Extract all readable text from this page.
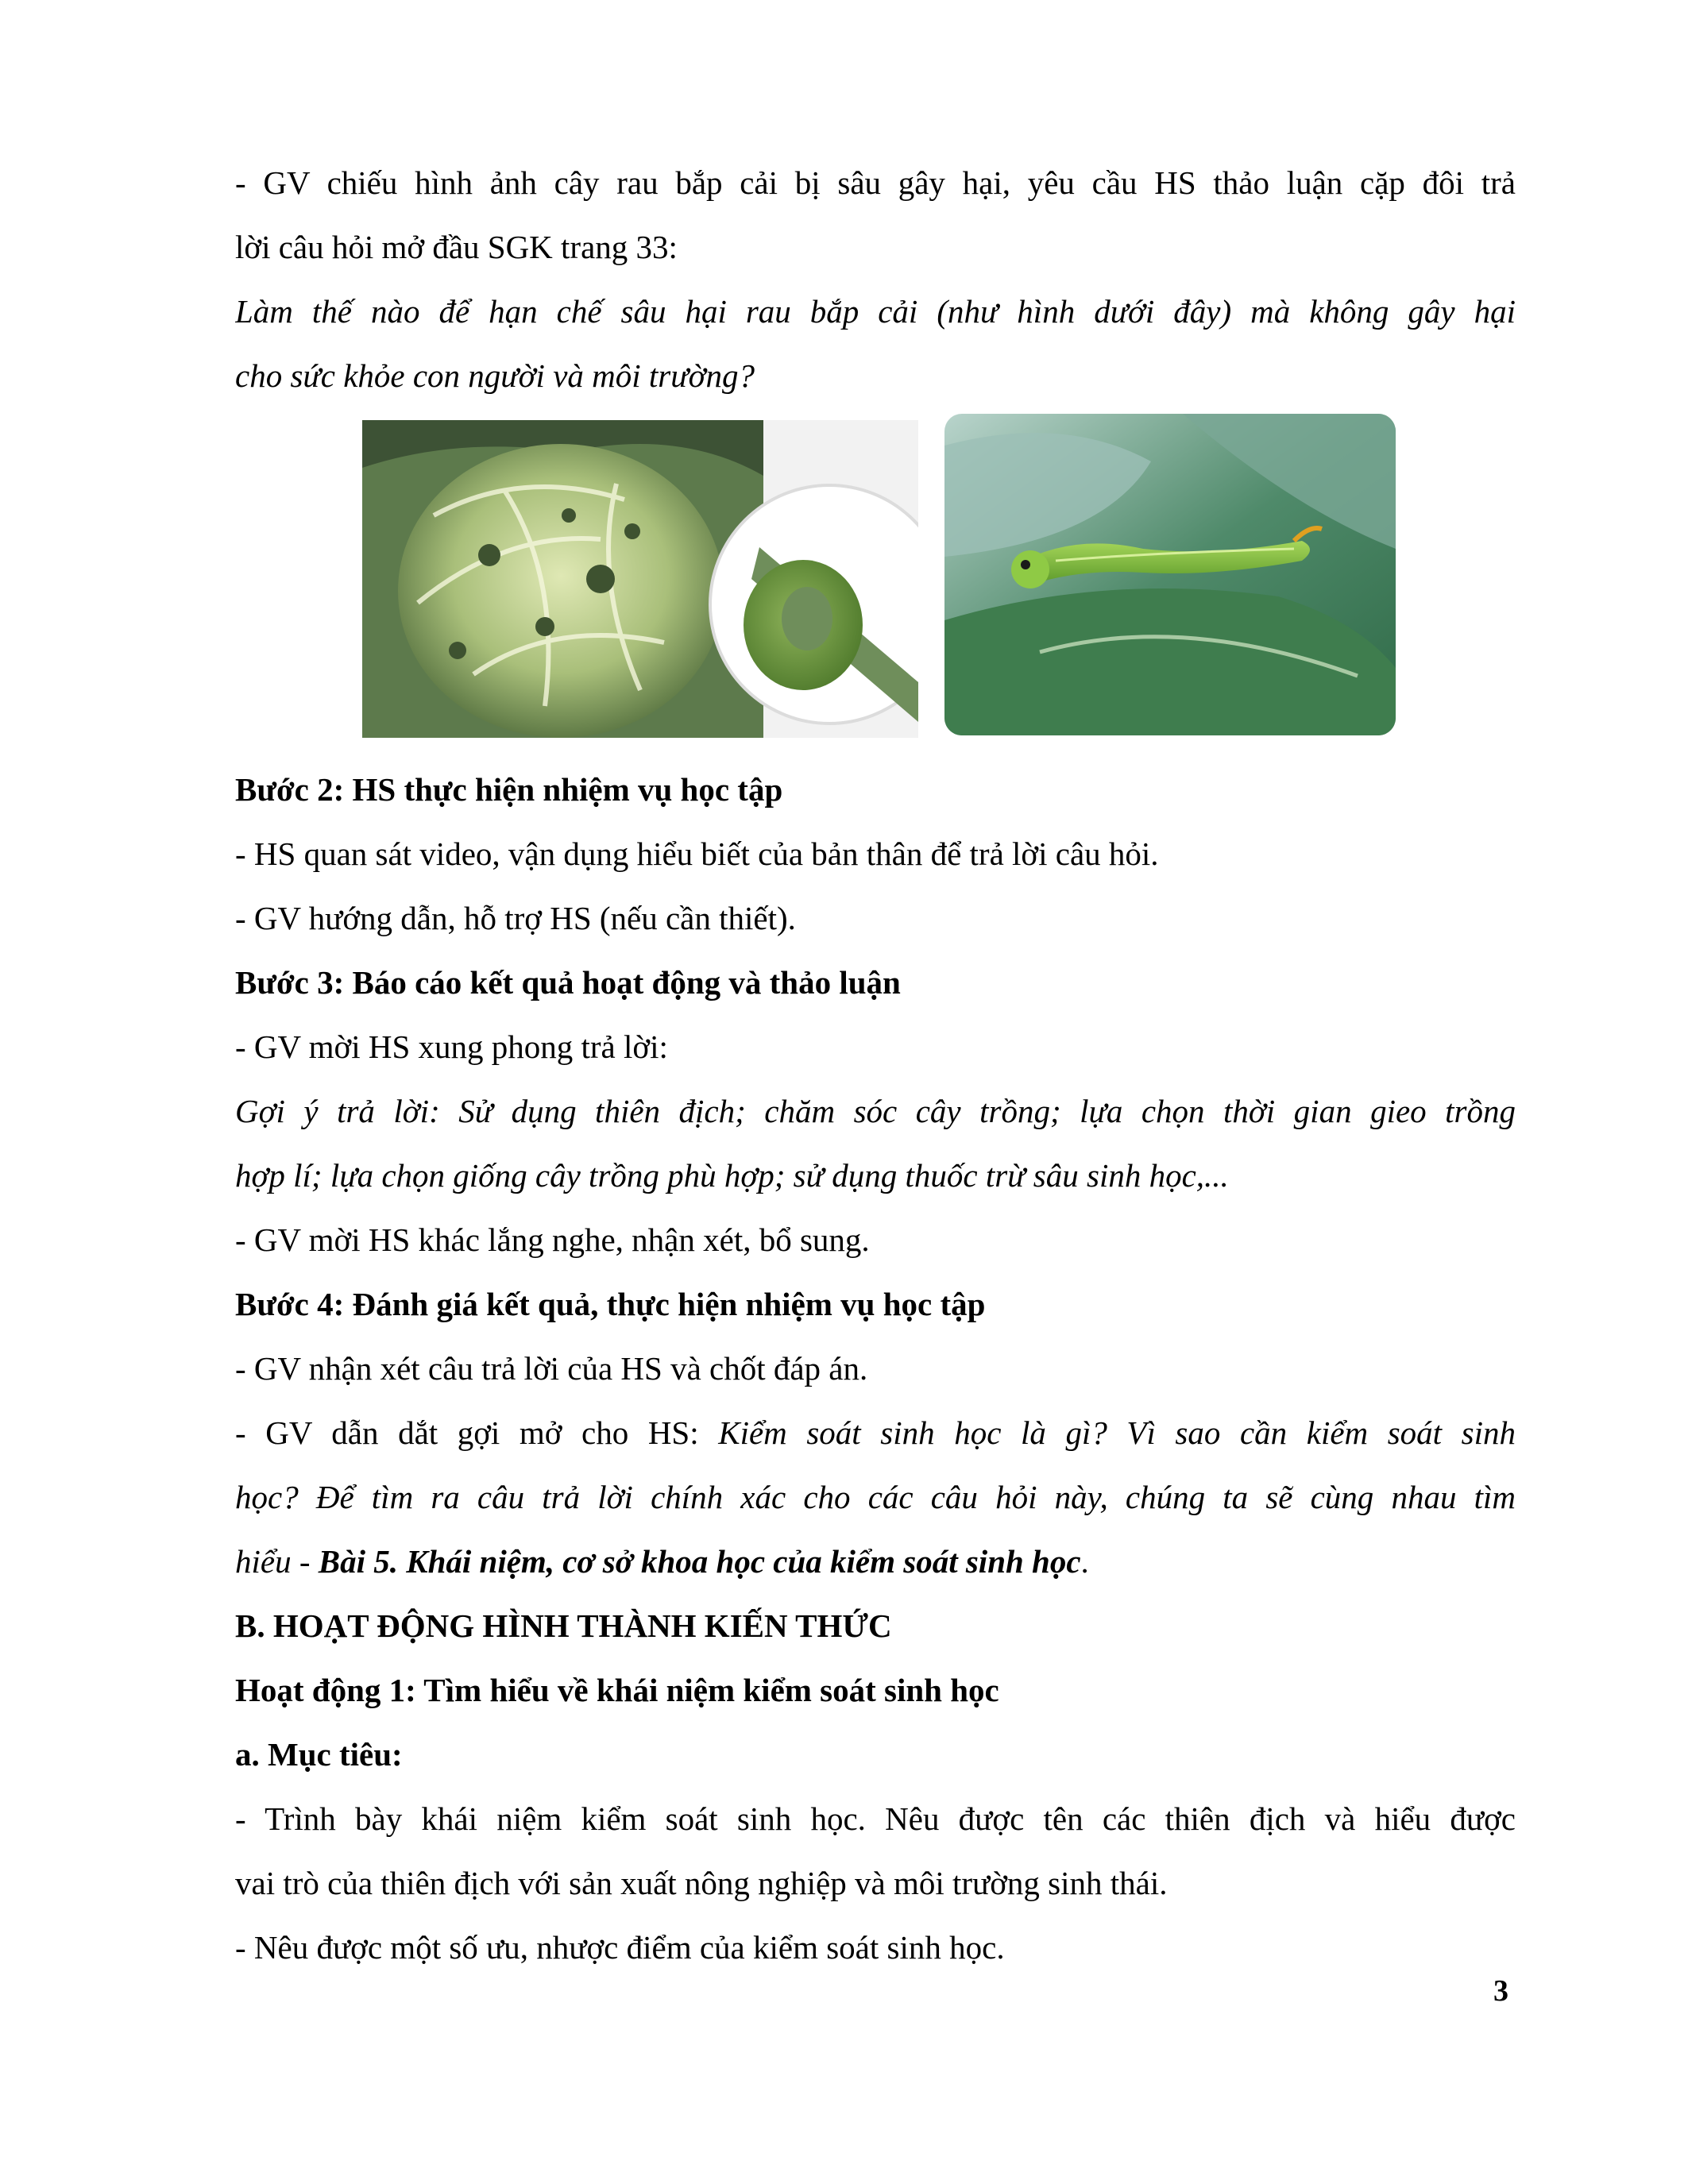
- GV chiếu hình ảnh cây rau bắp cải bị sâu gây hại, yêu cầu HS thảo luận cặp đôi trả
lời câu hỏi mở đầu SGK trang 33:
Làm thế nào để hạn chế sâu hại rau bắp cải (như hình dưới đây) mà không gây hại
cho sức khỏe con người và môi trường?
Bước 2: HS thực hiện nhiệm vụ học tập
- HS quan sát video, vận dụng hiểu biết của bản thân để trả lời câu hỏi.
- GV hướng dẫn, hỗ trợ HS (nếu cần thiết).
Bước 3: Báo cáo kết quả hoạt động và thảo luận
- GV mời HS xung phong trả lời:
Gợi ý trả lời: Sử dụng thiên địch; chăm sóc cây trồng; lựa chọn thời gian gieo trồng
hợp lí; lựa chọn giống cây trồng phù hợp; sử dụng thuốc trừ sâu sinh học,...
- GV mời HS khác lắng nghe, nhận xét, bổ sung.
Bước 4: Đánh giá kết quả, thực hiện nhiệm vụ học tập
- GV nhận xét câu trả lời của HS và chốt đáp án.
- GV dẫn dắt gợi mở cho HS: Kiểm soát sinh học là gì? Vì sao cần kiểm soát sinh
học? Để tìm ra câu trả lời chính xác cho các câu hỏi này, chúng ta sẽ cùng nhau tìm
hiểu - Bài 5. Khái niệm, cơ sở khoa học của kiểm soát sinh học.
B. HOẠT ĐỘNG HÌNH THÀNH KIẾN THỨC
Hoạt động 1: Tìm hiểu về khái niệm kiểm soát sinh học
a. Mục tiêu:
- Trình bày khái niệm kiểm soát sinh học. Nêu được tên các thiên địch và hiểu được
vai trò của thiên địch với sản xuất nông nghiệp và môi trường sinh thái.
- Nêu được một số ưu, nhược điểm của kiểm soát sinh học.
3
